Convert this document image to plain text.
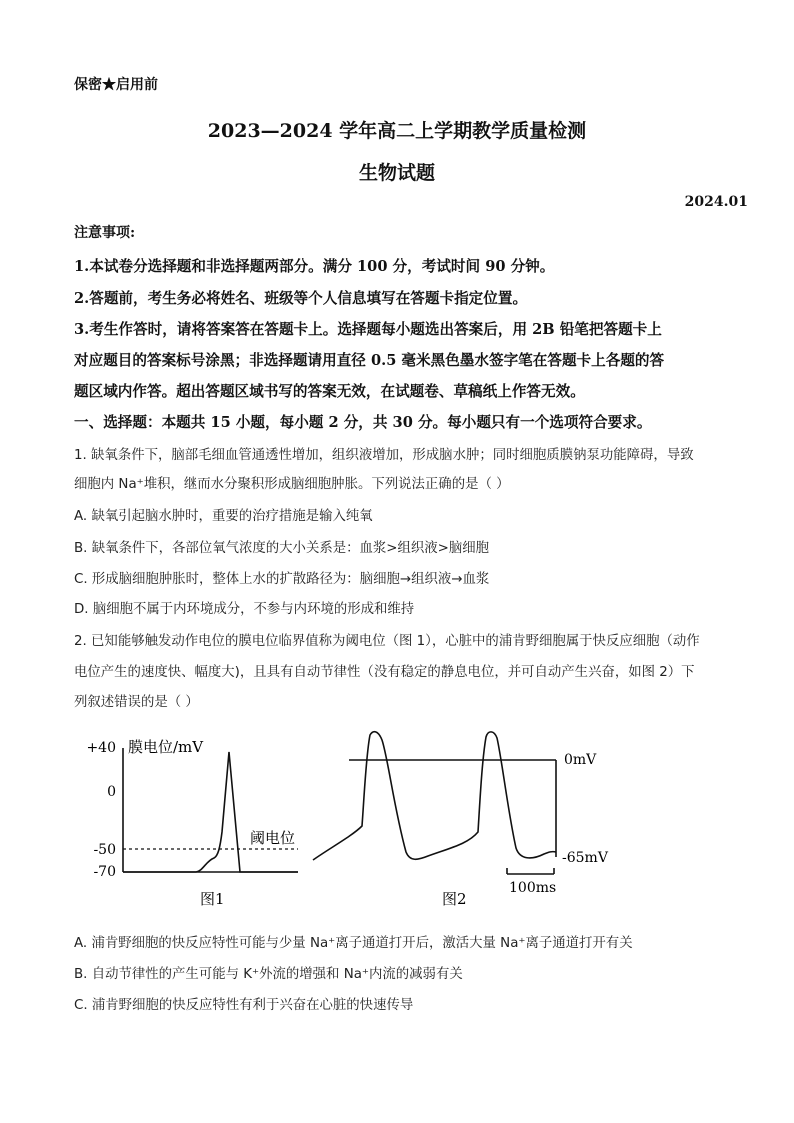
保密★启用前
2023—2024 学年高二上学期教学质量检测
生物试题
2024.01
注意事项:
1.本试卷分选择题和非选择题两部分。满分 100 分，考试时间 90 分钟。
2.答题前，考生务必将姓名、班级等个人信息填写在答题卡指定位置。
3.考生作答时，请将答案答在答题卡上。选择题每小题选出答案后，用 2B 铅笔把答题卡上
对应题目的答案标号涂黑；非选择题请用直径 0.5 毫米黑色墨水签字笔在答题卡上各题的答
题区域内作答。超出答题区域书写的答案无效，在试题卷、草稿纸上作答无效。
一、选择题：本题共 15 小题，每小题 2 分，共 30 分。每小题只有一个选项符合要求。
1. 缺氧条件下，脑部毛细血管通透性增加，组织液增加，形成脑水肿；同时细胞质膜钠泵功能障碍，导致
细胞内 Na⁺堆积，继而水分聚积形成脑细胞肿胀。下列说法正确的是（ ）
A. 缺氧引起脑水肿时，重要的治疗措施是输入纯氧
B. 缺氧条件下，各部位氧气浓度的大小关系是：血浆>组织液>脑细胞
C. 形成脑细胞肿胀时，整体上水的扩散路径为：脑细胞→组织液→血浆
D. 脑细胞不属于内环境成分，不参与内环境的形成和维持
2. 已知能够触发动作电位的膜电位临界值称为阈电位（图 1），心脏中的浦肯野细胞属于快反应细胞（动作
电位产生的速度快、幅度大)，且具有自动节律性（没有稳定的静息电位，并可自动产生兴奋，如图 2）下
列叙述错误的是（ ）
+40
0
-50
-70
膜电位/mV
阈电位
图1
0mV
-65mV
100ms
图2
A. 浦肯野细胞的快反应特性可能与少量 Na⁺离子通道打开后，激活大量 Na⁺离子通道打开有关
B. 自动节律性的产生可能与 K⁺外流的增强和 Na⁺内流的减弱有关
C. 浦肯野细胞的快反应特性有利于兴奋在心脏的快速传导
